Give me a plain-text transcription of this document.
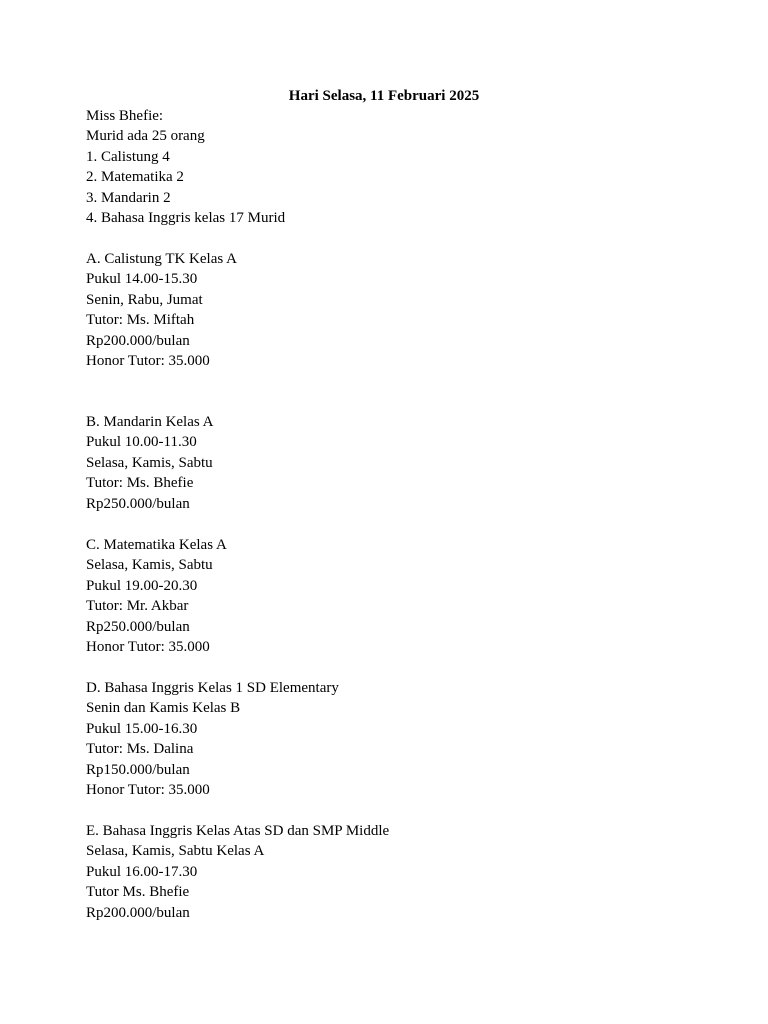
Hari Selasa, 11 Februari 2025
Miss Bhefie:
Murid ada 25 orang
1. Calistung 4
2. Matematika 2
3. Mandarin 2
4. Bahasa Inggris kelas 17 Murid
A. Calistung TK Kelas A
Pukul 14.00-15.30
Senin, Rabu, Jumat
Tutor: Ms. Miftah
Rp200.000/bulan
Honor Tutor: 35.000
B. Mandarin Kelas A
Pukul 10.00-11.30
Selasa, Kamis, Sabtu
Tutor: Ms. Bhefie
Rp250.000/bulan
C. Matematika Kelas A
Selasa, Kamis, Sabtu
Pukul 19.00-20.30
Tutor: Mr. Akbar
Rp250.000/bulan
Honor Tutor: 35.000
D. Bahasa Inggris Kelas 1 SD Elementary
Senin dan Kamis Kelas B
Pukul 15.00-16.30
Tutor: Ms. Dalina
Rp150.000/bulan
Honor Tutor: 35.000
E. Bahasa Inggris Kelas Atas SD dan SMP Middle
Selasa, Kamis, Sabtu Kelas A
Pukul 16.00-17.30
Tutor Ms. Bhefie
Rp200.000/bulan
